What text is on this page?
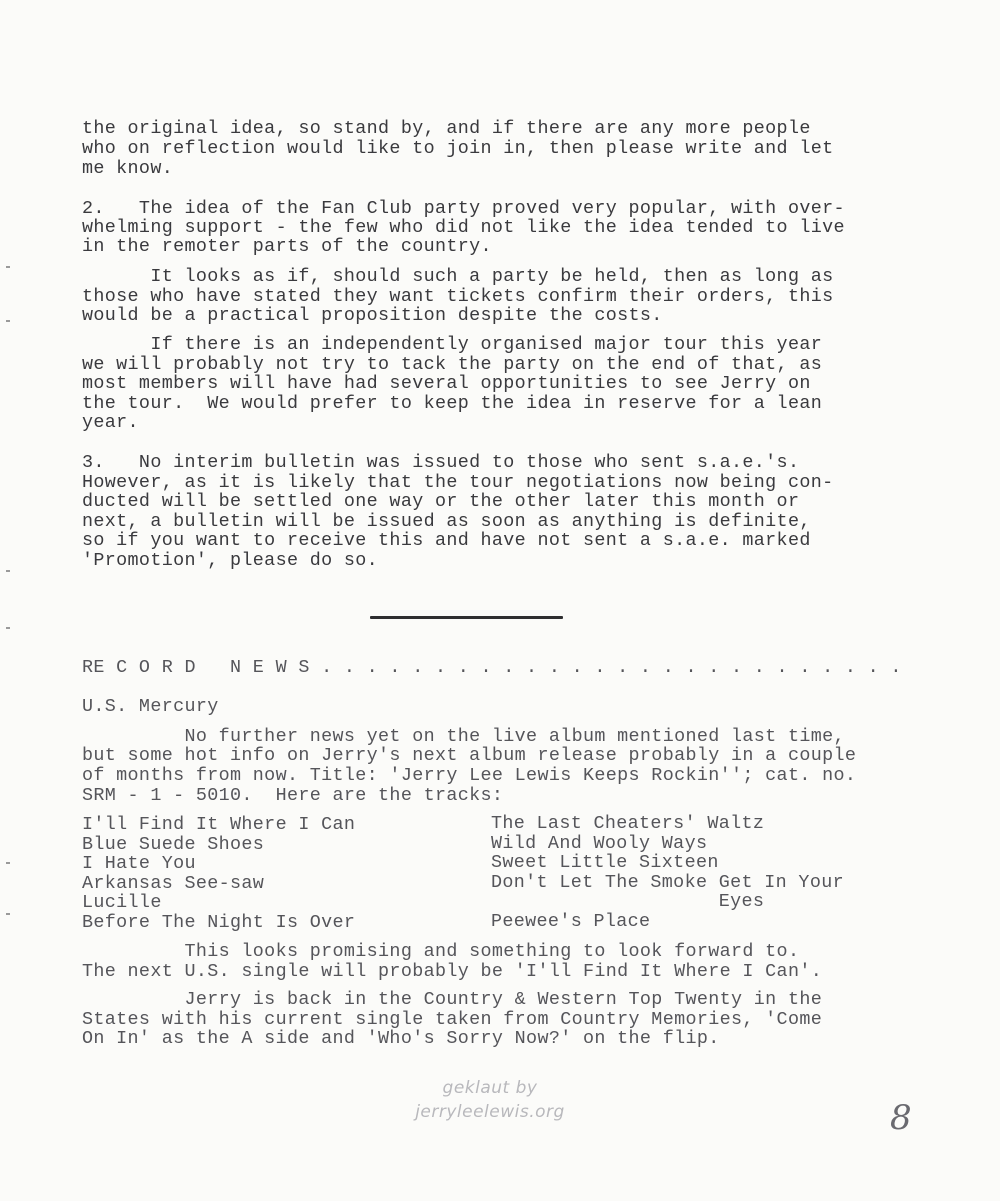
the original idea, so stand by, and if there are any more people
who on reflection would like to join in, then please write and let
me know.
2.   The idea of the Fan Club party proved very popular, with over-
whelming support - the few who did not like the idea tended to live
in the remoter parts of the country.
It looks as if, should such a party be held, then as long as
those who have stated they want tickets confirm their orders, this
would be a practical proposition despite the costs.
If there is an independently organised major tour this year
we will probably not try to tack the party on the end of that, as
most members will have had several opportunities to see Jerry on
the tour.  We would prefer to keep the idea in reserve for a lean
year.
3.   No interim bulletin was issued to those who sent s.a.e.'s.
However, as it is likely that the tour negotiations now being con-
ducted will be settled one way or the other later this month or
next, a bulletin will be issued as soon as anything is definite,
so if you want to receive this and have not sent a s.a.e. marked
'Promotion', please do so.
RE C O R D   N E W S . . . . . . . . . . . . . . . . . . . . . . . . . .
U.S. Mercury
No further news yet on the live album mentioned last time,
but some hot info on Jerry's next album release probably in a couple
of months from now. Title: 'Jerry Lee Lewis Keeps Rockin''; cat. no.
SRM - 1 - 5010.  Here are the tracks:
I'll Find It Where I Can
Blue Suede Shoes
I Hate You
Arkansas See-saw
Lucille
Before The Night Is Over
The Last Cheaters' Waltz
Wild And Wooly Ways
Sweet Little Sixteen
Don't Let The Smoke Get In Your
Eyes
Peewee's Place
This looks promising and something to look forward to.
The next U.S. single will probably be 'I'll Find It Where I Can'.
Jerry is back in the Country & Western Top Twenty in the
States with his current single taken from Country Memories, 'Come
On In' as the A side and 'Who's Sorry Now?' on the flip.
geklaut by
jerryleelewis.org	8
